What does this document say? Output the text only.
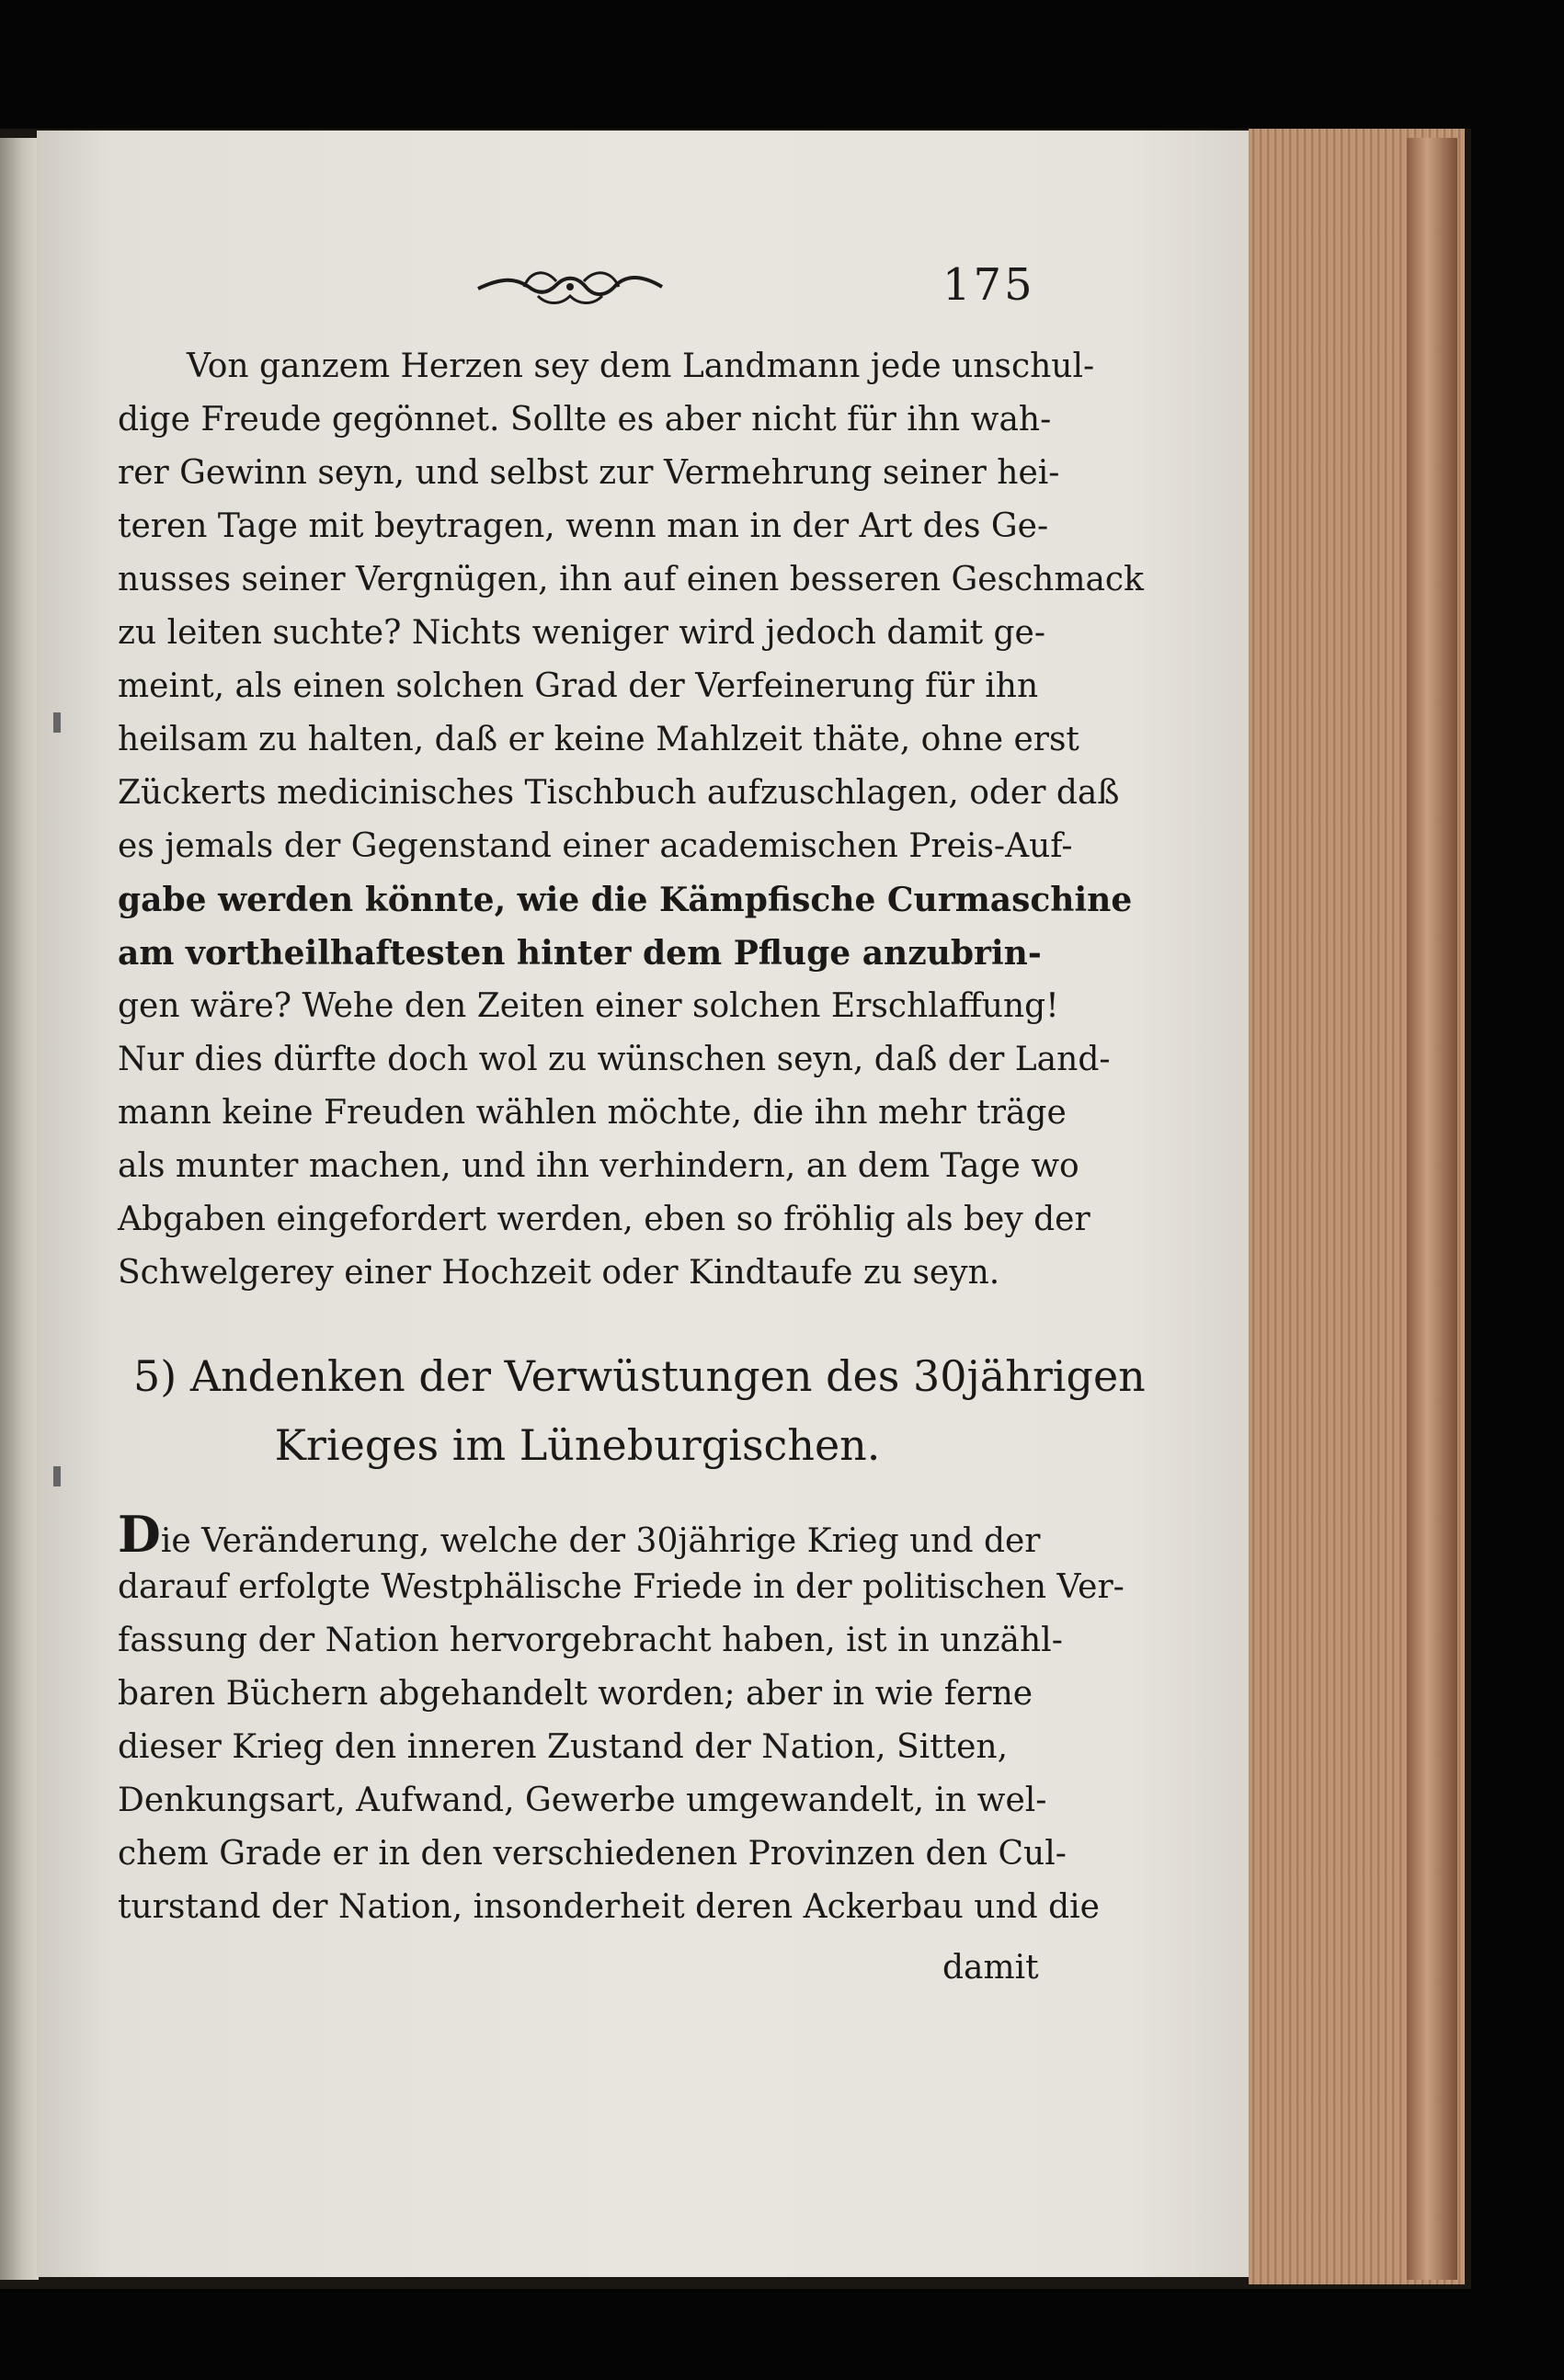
175
Von ganzem Herzen sey dem Landmann jede unschul-
dige Freude gegönnet. Sollte es aber nicht für ihn wah-
rer Gewinn seyn, und selbst zur Vermehrung seiner hei-
teren Tage mit beytragen, wenn man in der Art des Ge-
nusses seiner Vergnügen, ihn auf einen besseren Geschmack
zu leiten suchte? Nichts weniger wird jedoch damit ge-
meint, als einen solchen Grad der Verfeinerung für ihn
heilsam zu halten, daß er keine Mahlzeit thäte, ohne erst
Zückerts medicinisches Tischbuch aufzuschlagen, oder daß
es jemals der Gegenstand einer academischen Preis-Auf-
gabe werden könnte, wie die Kämpfische Curmaschine
am vortheilhaftesten hinter dem Pfluge anzubrin-
gen wäre? Wehe den Zeiten einer solchen Erschlaffung!
Nur dies dürfte doch wol zu wünschen seyn, daß der Land-
mann keine Freuden wählen möchte, die ihn mehr träge
als munter machen, und ihn verhindern, an dem Tage wo
Abgaben eingefordert werden, eben so fröhlig als bey der
Schwelgerey einer Hochzeit oder Kindtaufe zu seyn.
5) Andenken der Verwüstungen des 30jährigen
Krieges im Lüneburgischen.
Die Veränderung, welche der 30jährige Krieg und der
darauf erfolgte Westphälische Friede in der politischen Ver-
fassung der Nation hervorgebracht haben, ist in unzähl-
baren Büchern abgehandelt worden; aber in wie ferne
dieser Krieg den inneren Zustand der Nation, Sitten,
Denkungsart, Aufwand, Gewerbe umgewandelt, in wel-
chem Grade er in den verschiedenen Provinzen den Cul-
turstand der Nation, insonderheit deren Ackerbau und die
damit
